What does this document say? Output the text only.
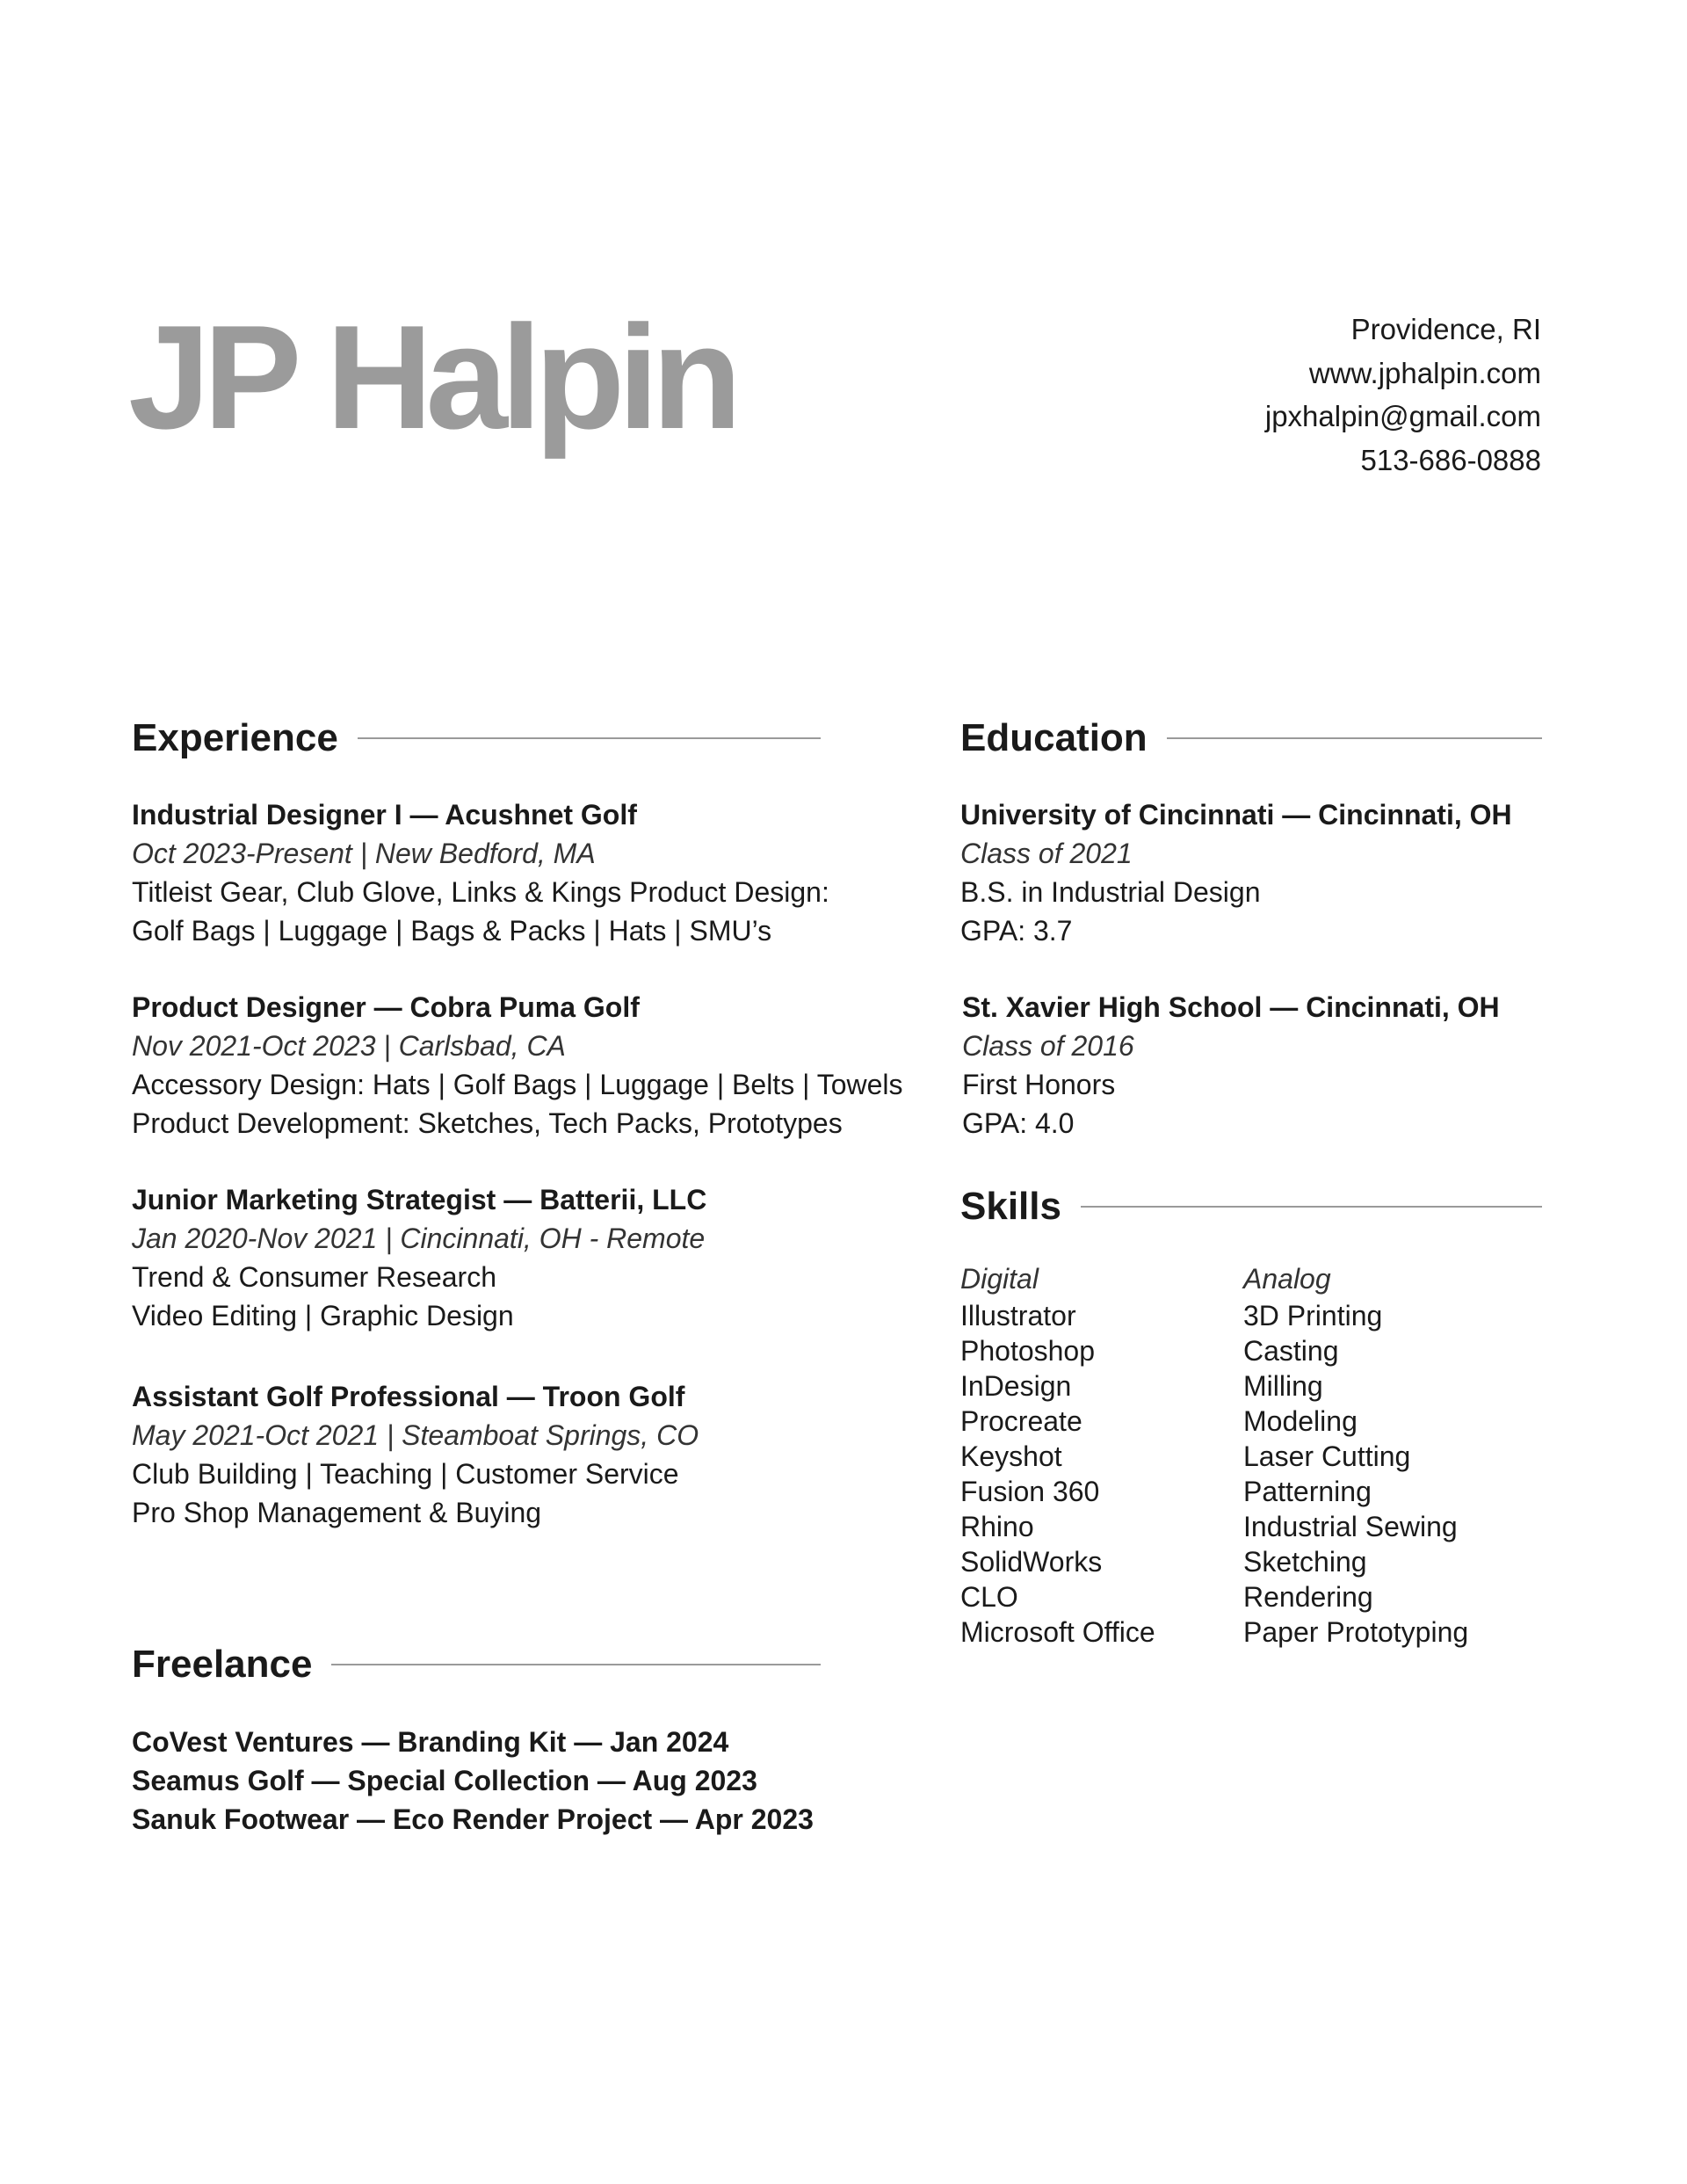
JP Halpin	Providence, RI
www.jphalpin.com
jpxhalpin@gmail.com
513-686-0888
Experience
Industrial Designer I — Acushnet Golf
Oct 2023-Present | New Bedford, MA
Titleist Gear, Club Glove, Links & Kings Product Design:
Golf Bags | Luggage | Bags & Packs | Hats | SMU’s
Product Designer — Cobra Puma Golf
Nov 2021-Oct 2023 | Carlsbad, CA
Accessory Design: Hats | Golf Bags | Luggage | Belts | Towels
Product Development: Sketches, Tech Packs, Prototypes
Junior Marketing Strategist — Batterii, LLC
Jan 2020-Nov 2021 | Cincinnati, OH - Remote
Trend & Consumer Research
Video Editing | Graphic Design
Assistant Golf Professional — Troon Golf
May 2021-Oct 2021 | Steamboat Springs, CO
Club Building | Teaching | Customer Service
Pro Shop Management & Buying
Freelance
CoVest Ventures — Branding Kit — Jan 2024
Seamus Golf — Special Collection — Aug 2023
Sanuk Footwear — Eco Render Project — Apr 2023
Education
University of Cincinnati — Cincinnati, OH
Class of 2021
B.S. in Industrial Design
GPA: 3.7
St. Xavier High School — Cincinnati, OH
Class of 2016
First Honors
GPA: 4.0
Skills
Digital
Illustrator
Photoshop
InDesign
Procreate
Keyshot
Fusion 360
Rhino
SolidWorks
CLO
Microsoft Office
Analog
3D Printing
Casting
Milling
Modeling
Laser Cutting
Patterning
Industrial Sewing
Sketching
Rendering
Paper Prototyping
